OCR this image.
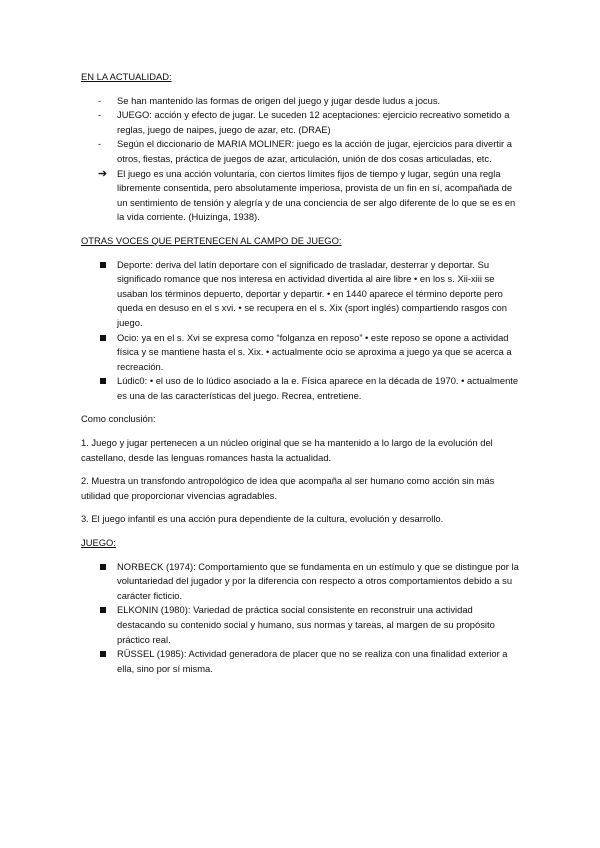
EN LA ACTUALIDAD:

- Se han mantenido las formas de origen del juego y jugar desde ludus a jocus.
- JUEGO: acción y efecto de jugar. Le suceden 12 aceptaciones: ejercicio recreativo sometido a reglas, juego de naipes, juego de azar, etc. (DRAE)
- Según el diccionario de MARIA MOLINER: juego es la acción de jugar, ejercicios para divertir a otros, fiestas, práctica de juegos de azar, articulación, unión de dos cosas articuladas, etc.
➔ El juego es una acción voluntaria, con ciertos límites fijos de tiempo y lugar, según una regla libremente consentida, pero absolutamente imperiosa, provista de un fin en sí, acompañada de un sentimiento de tensión y alegría y de una conciencia de ser algo diferente de lo que se es en la vida corriente. (Huizinga, 1938).

OTRAS VOCES QUE PERTENECEN AL CAMPO DE JUEGO:

Deporte: deriva del latín deportare con el significado de trasladar, desterrar y deportar. Su significado romance que nos interesa en actividad divertida al aire libre • en los s. Xii-xiii se usaban los términos depuerto, deportar y departir. • en 1440 aparece el término deporte pero queda en desuso en el s xvi. • se recupera en el s. Xix (sport inglés) compartiendo rasgos con juego.
Ocio: ya en el s. Xvi se expresa como “folganza en reposo” • este reposo se opone a actividad física y se mantiene hasta el s. Xix. • actualmente ocio se aproxima a juego ya que se acerca a recreación.
Lúdic0: • el uso de lo lúdico asociado a la e. Física aparece en la década de 1970. • actualmente es una de las características del juego. Recrea, entretiene.

Como conclusión:

1. Juego y jugar pertenecen a un núcleo original que se ha mantenido a lo largo de la evolución del castellano, desde las lenguas romances hasta la actualidad.

2. Muestra un transfondo antropológico de idea que acompaña al ser humano como acción sin más utilidad que proporcionar vivencias agradables.

3. El juego infantil es una acción pura dependiente de la cultura, evolución y desarrollo.

JUEGO:

NORBECK (1974): Comportamiento que se fundamenta en un estímulo y que se distingue por la voluntariedad del jugador y por la diferencia con respecto a otros comportamientos debido a su carácter ficticio.
ELKONIN (1980): Variedad de práctica social consistente en reconstruir una actividad destacando su contenido social y humano, sus normas y tareas, al margen de su propósito práctico real.
RÜSSEL (1985): Actividad generadora de placer que no se realiza con una finalidad exterior a ella, sino por sí misma.
